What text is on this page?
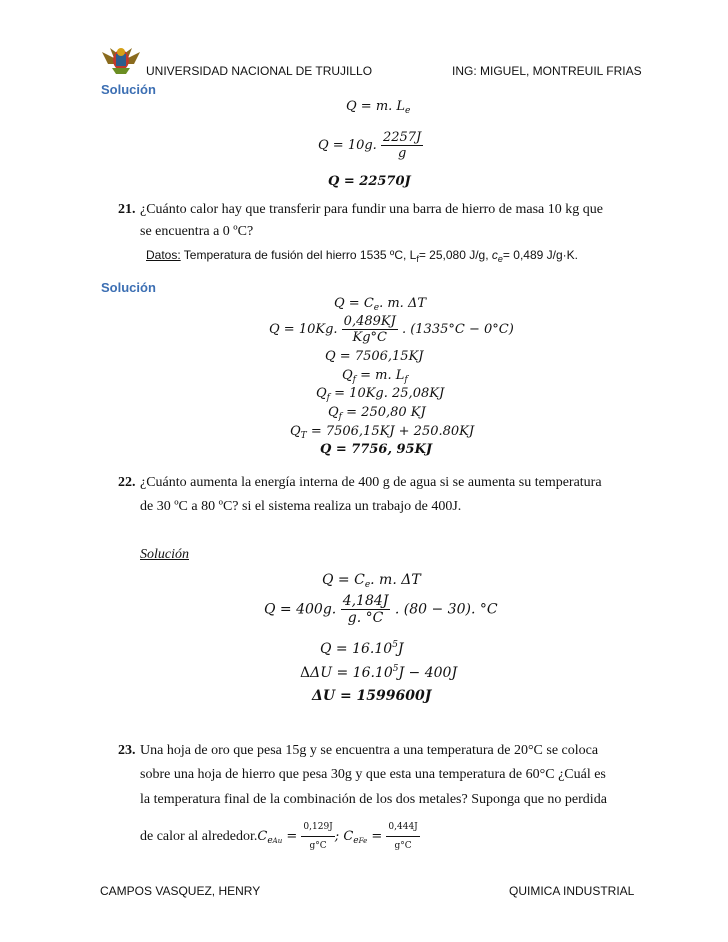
UNIVERSIDAD NACIONAL DE TRUJILLO	ING: MIGUEL, MONTREUIL FRIAS
Solución
Q = m. $L_e$
Q = 10g. $\frac{2257J}{g}$
Q = 22570J
21. ¿Cuánto calor hay que transferir para fundir una barra de hierro de masa 10 kg que
se encuentra a 0 ºC?
Datos: Temperatura de fusión del hierro 1535 ºC, $L_f= 25,080$ J/g, $c_e= 0,489$ J/g·K.
Solución
$Q = C_e$. m. ΔT
Q = 10Kg. $\frac{0,489KJ}{Kg^\circ C}$ . (1335°C − 0°C)
Q = 7506,15KJ
$Q_f = m$. $L_f$
$Q_f = 10Kg$. 25,08KJ
$Q_f = 250,80$ KJ
$Q_T = 7506,15KJ + 250.80KJ$
Q = 7756, 95KJ
22. ¿Cuánto aumenta la energía interna de 400 g de agua si se aumenta su temperatura
de 30 ºC a 80 ºC? si el sistema realiza un trabajo de 400J.
Solución
$Q = C_e$. m. ΔT
Q = 400g. $\frac{4,184J}{g. ^\circ C}$ . (80 − 30). °C
$Q = 16.10^5J$
$\Delta\Delta U = 16.10^5J - 400J$
ΔU = 1599600J
23. Una hoja de oro que pesa 15g y se encuentra a una temperatura de 20°C se coloca
sobre una hoja de hierro que pesa 30g y que esta una temperatura de 60°C ¿Cuál es
la temperatura final de la combinación de los dos metales? Suponga que no perdida
de calor al $alrededor.C_{eAu} = \frac{0,129J}{g^\circ C}$ ; $C_{eFe} = \frac{0,444J}{g^\circ C}$
CAMPOS VASQUEZ, HENRY	QUIMICA INDUSTRIAL
